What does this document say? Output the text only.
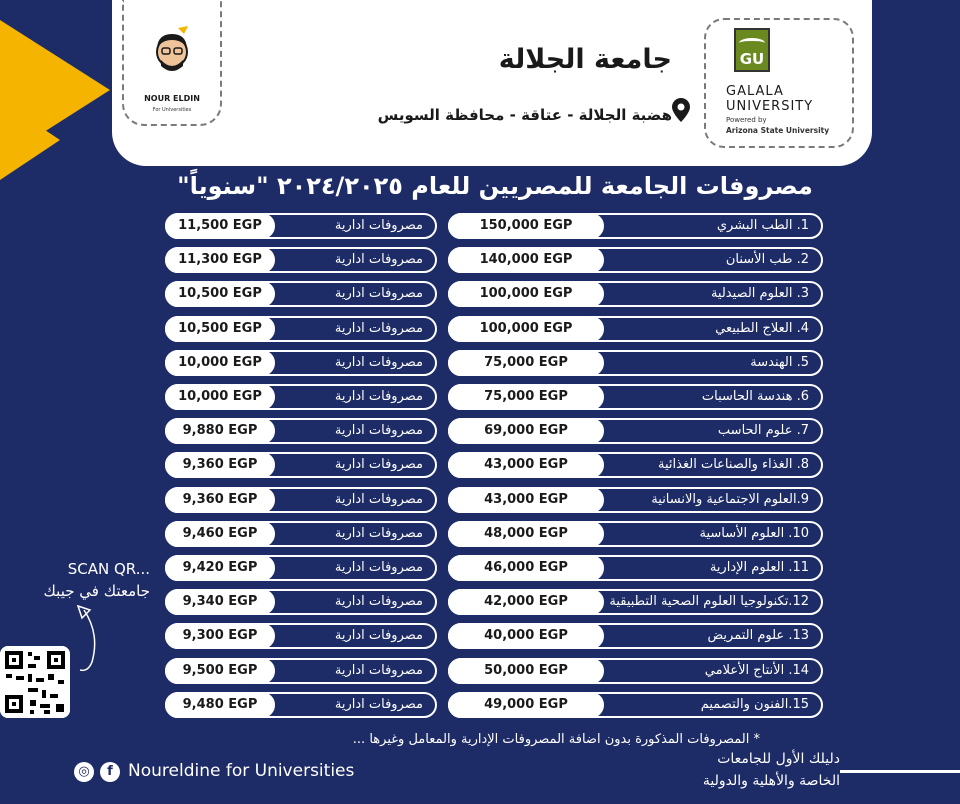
NOUR ELDIN
For Universities
جامعة الجلالة
هضبة الجلالة - عتاقة - محافظة السويس
GU
GALALA
UNIVERSITY
Powered by
Arizona State University
مصروفات الجامعة للمصريين للعام ٢٠٢٤/٢٠٢٥ "سنوياً"
1. الطب البشري
150,000 EGP
مصروفات ادارية
11,500 EGP
2. طب الأسنان
140,000 EGP
مصروفات ادارية
11,300 EGP
3. العلوم الصيدلية
100,000 EGP
مصروفات ادارية
10,500 EGP
4. العلاج الطبيعي
100,000 EGP
مصروفات ادارية
10,500 EGP
5. الهندسة
75,000 EGP
مصروفات ادارية
10,000 EGP
6. هندسة الحاسبات
75,000 EGP
مصروفات ادارية
10,000 EGP
7. علوم الحاسب
69,000 EGP
مصروفات ادارية
9,880 EGP
8. الغذاء والصناعات الغذائية
43,000 EGP
مصروفات ادارية
9,360 EGP
9.العلوم الاجتماعية والانسانية
43,000 EGP
مصروفات ادارية
9,360 EGP
10. العلوم الأساسية
48,000 EGP
مصروفات ادارية
9,460 EGP
11. العلوم الإدارية
46,000 EGP
مصروفات ادارية
9,420 EGP
12.تكنولوجيا العلوم الصحية التطبيقية
42,000 EGP
مصروفات ادارية
9,340 EGP
13. علوم التمريض
40,000 EGP
مصروفات ادارية
9,300 EGP
14. الأنتاج الأعلامي
50,000 EGP
مصروفات ادارية
9,500 EGP
15.الفنون والتصميم
49,000 EGP
مصروفات ادارية
9,480 EGP
SCAN QR...
جامعتك في جيبك
* المصروفات المذكورة بدون اضافة المصروفات الإدارية والمعامل وغيرها ...
◎	f Noureldine for Universities
دليلك الأول للجامعات
الخاصة والأهلية والدولية
